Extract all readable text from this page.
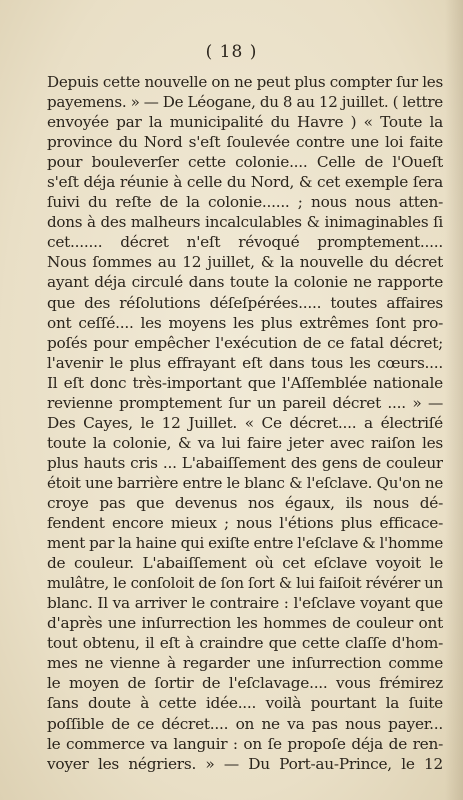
( 18 )
Depuis cette nouvelle on ne peut plus compter ſur les
payemens. » — De Léogane, du 8 au 12 juillet. ( lettre
envoyée par la municipalité du Havre ) « Toute la
province du Nord s'eſt ſoulevée contre une loi faite
pour bouleverſer cette colonie.... Celle de l'Oueſt
s'eſt déja réunie à celle du Nord, & cet exemple ſera
ſuivi du reſte de la colonie...... ; nous nous atten-
dons à des malheurs incalculables & inimaginables ſi
cet....... décret n'eſt révoqué promptement.....
Nous ſommes au 12 juillet, & la nouvelle du décret
ayant déja circulé dans toute la colonie ne rapporte
que des réſolutions déſeſpérées..... toutes affaires
ont ceſſé.... les moyens les plus extrêmes ſont pro-
poſés pour empêcher l'exécution de ce fatal décret;
l'avenir le plus effrayant eſt dans tous les cœurs....
Il eſt donc très-important que l'Aſſemblée nationale
revienne promptement ſur un pareil décret .... » —
Des Cayes, le 12 Juillet. « Ce décret.... a électriſé
toute la colonie, & va lui faire jeter avec raiſon les
plus hauts cris ... L'abaiſſement des gens de couleur
étoit une barrière entre le blanc & l'eſclave. Qu'on ne
croye pas que devenus nos égaux, ils nous dé-
fendent encore mieux ; nous l'étions plus efficace-
ment par la haine qui exiſte entre l'eſclave & l'homme
de couleur. L'abaiſſement où cet eſclave voyoit le
mulâtre, le conſoloit de ſon ſort & lui faiſoit révérer un
blanc. Il va arriver le contraire : l'eſclave voyant que
d'après une inſurrection les hommes de couleur ont
tout obtenu, il eſt à craindre que cette claſſe d'hom-
mes ne vienne à regarder une inſurrection comme
le moyen de ſortir de l'eſclavage.... vous frémirez
ſans doute à cette idée.... voilà pourtant la ſuite
poſſible de ce décret.... on ne va pas nous payer...
le commerce va languir : on ſe propoſe déja de ren-
voyer les négriers. » — Du Port-au-Prince, le 12
